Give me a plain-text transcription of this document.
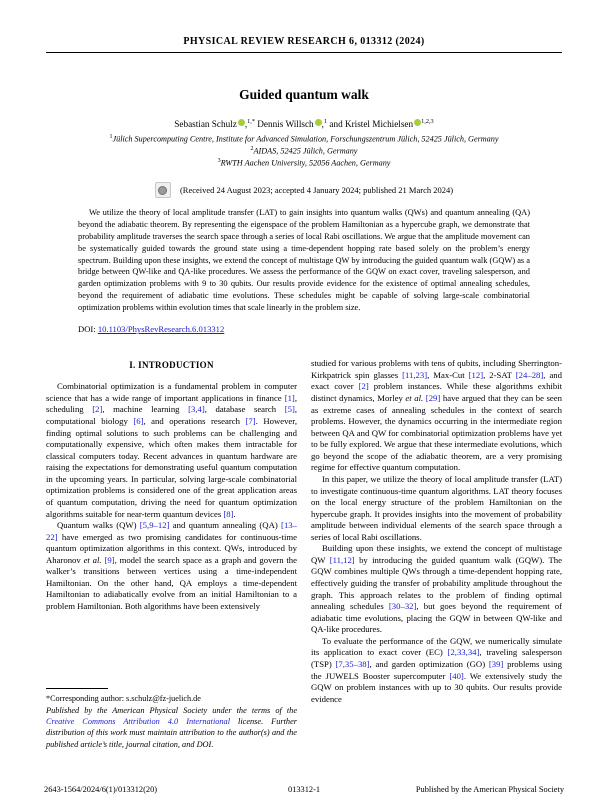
PHYSICAL REVIEW RESEARCH 6, 013312 (2024)
Guided quantum walk
Sebastian Schulz ,$^{1,*}$ Dennis Willsch ,$^1$ and Kristel Michielsen $^{1,2,3}$
$^1$Jülich Supercomputing Centre, Institute for Advanced Simulation, Forschungszentrum Jülich, 52425 Jülich, Germany
$^2$AIDAS, 52425 Jülich, Germany
$^3$RWTH Aachen University, 52056 Aachen, Germany
(Received 24 August 2023; accepted 4 January 2024; published 21 March 2024)
We utilize the theory of local amplitude transfer (LAT) to gain insights into quantum walks (QWs) and quantum annealing (QA) beyond the adiabatic theorem. By representing the eigenspace of the problem Hamiltonian as a hypercube graph, we demonstrate that probability amplitude traverses the search space through a series of local Rabi oscillations. We argue that the amplitude movement can be systematically guided towards the ground state using a time-dependent hopping rate based solely on the problem’s energy spectrum. Building upon these insights, we extend the concept of multistage QW by introducing the guided quantum walk (GQW) as a bridge between QW-like and QA-like procedures. We assess the performance of the GQW on exact cover, traveling salesperson, and garden optimization problems with 9 to 30 qubits. Our results provide evidence for the existence of optimal annealing schedules, beyond the requirement of adiabatic time evolutions. These schedules might be capable of solving large-scale combinatorial optimization problems within evolution times that scale linearly in the problem size.
DOI: 10.1103/PhysRevResearch.6.013312
I. INTRODUCTION

Combinatorial optimization is a fundamental problem in computer science that has a wide range of important applications in finance [1], scheduling [2], machine learning [3,4], database search [5], computational biology [6], and operations research [7]. However, finding optimal solutions to such problems can be challenging and computationally expensive, which often makes them intractable for classical computers today. Recent advances in quantum hardware are raising the expectations for demonstrating useful quantum computation in the upcoming years. In particular, solving large-scale combinatorial optimization problems is considered one of the great application areas of quantum computation, driving the need for quantum optimization algorithms suitable for near-term quantum devices [8].

Quantum walks (QW) [5,9–12] and quantum annealing (QA) [13–22] have emerged as two promising candidates for continuous-time quantum optimization algorithms in this context. QWs, introduced by Aharonov et al. [9], model the search space as a graph and govern the walker’s transitions between vertices using a time-independent Hamiltonian. On the other hand, QA employs a time-dependent Hamiltonian to adiabatically evolve from an initial Hamiltonian to a problem Hamiltonian. Both algorithms have been extensively

*Corresponding author: s.schulz@fz-juelich.de

Published by the American Physical Society under the terms of the Creative Commons Attribution 4.0 International license. Further distribution of this work must maintain attribution to the author(s) and the published article’s title, journal citation, and DOI.

studied for various problems with tens of qubits, including Sherrington-Kirkpatrick spin glasses [11,23], Max-Cut [12], 2-SAT [24–28], and exact cover [2] problem instances. While these algorithms exhibit distinct dynamics, Morley et al. [29] have argued that they can be seen as extreme cases of annealing schedules in the context of search problems. However, the dynamics occurring in the intermediate region between QA and QW for combinatorial optimization problems have yet to be fully explored. We argue that these intermediate evolutions, which go beyond the scope of the adiabatic theorem, are a very promising regime for effective quantum computation.

In this paper, we utilize the theory of local amplitude transfer (LAT) to investigate continuous-time quantum algorithms. LAT theory focuses on the local energy structure of the problem Hamiltonian on the hypercube graph. It provides insights into the movement of probability amplitude between individual elements of the search space through a series of local Rabi oscillations.

Building upon these insights, we extend the concept of multistage QW [11,12] by introducing the guided quantum walk (GQW). The GQW combines multiple QWs through a time-dependent hopping rate, effectively guiding the transfer of probability amplitude throughout the graph. This approach relates to the problem of finding optimal annealing schedules [30–32], but goes beyond the requirement of adiabatic time evolutions, placing the GQW in between QW-like and QA-like procedures.

To evaluate the performance of the GQW, we numerically simulate its application to exact cover (EC) [2,33,34], traveling salesperson (TSP) [7,35–38], and garden optimization (GO) [39] problems using the JUWELS Booster supercomputer [40]. We extensively study the GQW on problem instances with up to 30 qubits. Our results provide evidence

2643-1564/2024/6(1)/013312(20)	013312-1	Published by the American Physical Society
